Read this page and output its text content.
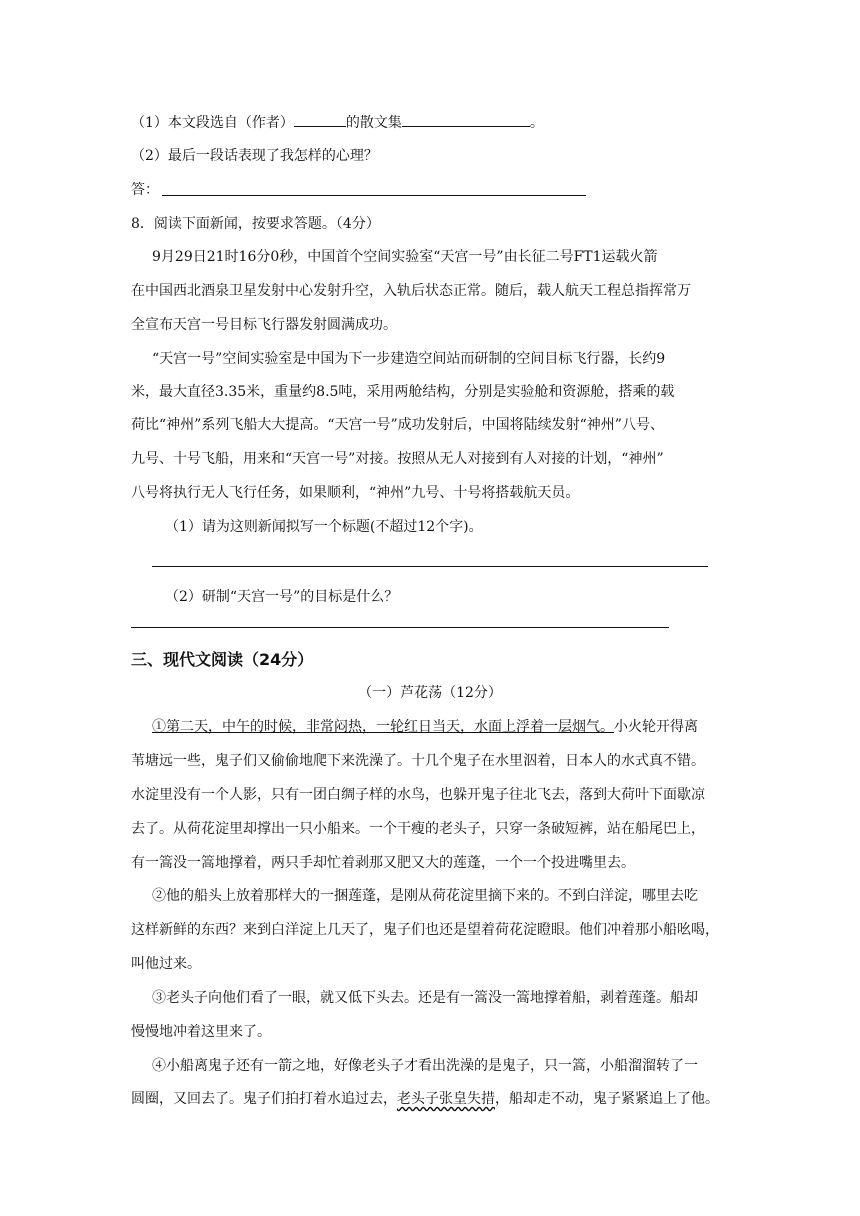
（1）本文段选自（作者）	的散文集	。
（2）最后一段话表现了我怎样的心理？
答：
8．阅读下面新闻，按要求答题。（4分）
9月29日21时16分0秒，中国首个空间实验室“天宫一号”由长征二号FT1运载火箭
在中国西北酒泉卫星发射中心发射升空，入轨后状态正常。随后，载人航天工程总指挥常万
全宣布天宫一号目标飞行器发射圆满成功。
“天宫一号”空间实验室是中国为下一步建造空间站而研制的空间目标飞行器，长约9
米，最大直径3.35米，重量约8.5吨，采用两舱结构，分别是实验舱和资源舱，搭乘的载
荷比“神州”系列飞船大大提高。“天宫一号”成功发射后，中国将陆续发射“神州”八号、
九号、十号飞船，用来和“天宫一号”对接。按照从无人对接到有人对接的计划，“神州”
八号将执行无人飞行任务，如果顺利，“神州”九号、十号将搭载航天员。
（1）请为这则新闻拟写一个标题(不超过12个字)。
（2）研制“天宫一号”的目标是什么？
三、现代文阅读（24分）
（一）芦花荡（12分）
①第二天，中午的时候，非常闷热，一轮红日当天，水面上浮着一层烟气。小火轮开得离
苇塘远一些，鬼子们又偷偷地爬下来洗澡了。十几个鬼子在水里泅着，日本人的水式真不错。
水淀里没有一个人影，只有一团白绸子样的水鸟，也躲开鬼子往北飞去，落到大荷叶下面歇凉
去了。从荷花淀里却撑出一只小船来。一个干瘦的老头子，只穿一条破短裤，站在船尾巴上，
有一篙没一篙地撑着，两只手却忙着剥那又肥又大的莲蓬，一个一个投进嘴里去。
②他的船头上放着那样大的一捆莲蓬，是刚从荷花淀里摘下来的。不到白洋淀，哪里去吃
这样新鲜的东西？来到白洋淀上几天了，鬼子们也还是望着荷花淀瞪眼。他们冲着那小船吆喝，
叫他过来。
③老头子向他们看了一眼，就又低下头去。还是有一篙没一篙地撑着船，剥着莲蓬。船却
慢慢地冲着这里来了。
④小船离鬼子还有一箭之地，好像老头子才看出洗澡的是鬼子，只一篙，小船溜溜转了一
圆圈，又回去了。鬼子们拍打着水追过去，老头子张皇失措，船却走不动，鬼子紧紧追上了他。
